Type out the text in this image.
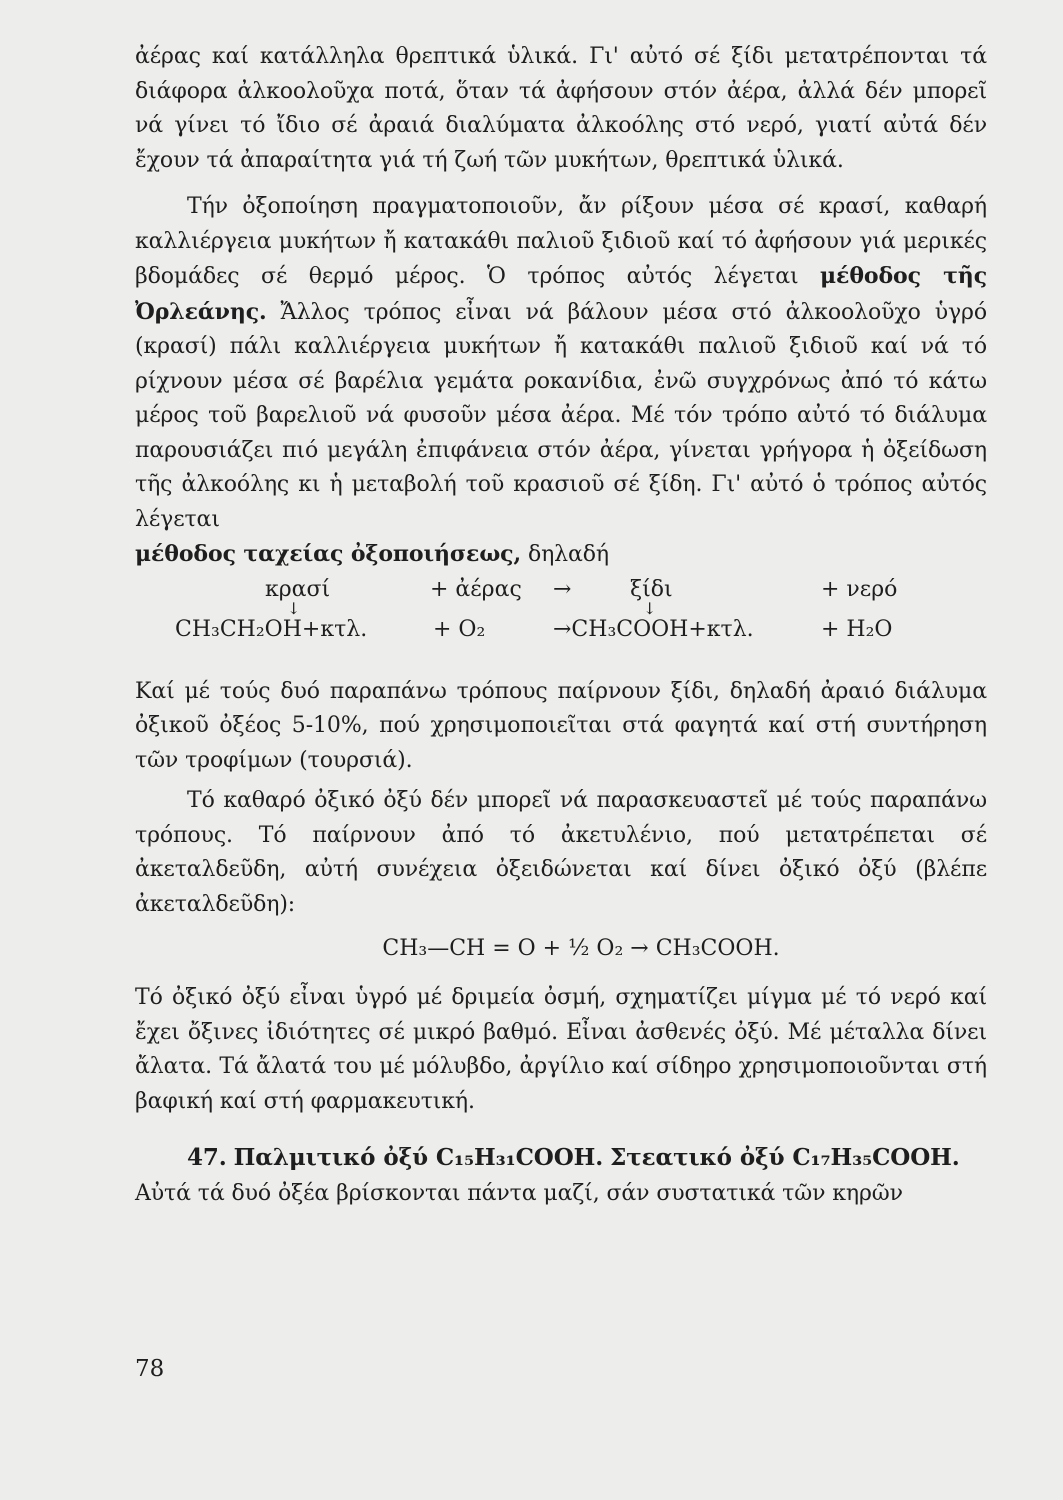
ἀέρας καί κατάλληλα θρεπτικά ὑλικά. Γι' αὐτό σέ ξίδι μετατρέπονται τά διάφορα ἀλκοολοῦχα ποτά, ὅταν τά ἀφήσουν στόν ἀέρα, ἀλλά δέν μπορεῖ νά γίνει τό ἴδιο σέ ἀραιά διαλύματα ἀλκοόλης στό νερό, γιατί αὐτά δέν ἔχουν τά ἀπαραίτητα γιά τή ζωή τῶν μυκήτων, θρεπτικά ὑλικά.

Τήν ὀξοποίηση πραγματοποιοῦν, ἄν ρίξουν μέσα σέ κρασί, καθαρή καλλιέργεια μυκήτων ἤ κατακάθι παλιοῦ ξιδιοῦ καί τό ἀφήσουν γιά μερικές βδομάδες σέ θερμό μέρος. Ὁ τρόπος αὐτός λέγεται μέθοδος τῆς Ὀρλεάνης. Ἄλλος τρόπος εἶναι νά βάλουν μέσα στό ἀλκοολοῦχο ὑγρό (κρασί) πάλι καλλιέργεια μυκήτων ἤ κατακάθι παλιοῦ ξιδιοῦ καί νά τό ρίχνουν μέσα σέ βαρέλια γεμάτα ροκανίδια, ἐνῶ συγχρόνως ἀπό τό κάτω μέρος τοῦ βαρελιοῦ νά φυσοῦν μέσα ἀέρα. Μέ τόν τρόπο αὐτό τό διάλυμα παρουσιάζει πιό μεγάλη ἐπιφάνεια στόν ἀέρα, γίνεται γρήγορα ἡ ὀξείδωση τῆς ἀλκοόλης κι ἡ μεταβολή τοῦ κρασιοῦ σέ ξίδη. Γι' αὐτό ὁ τρόπος αὐτός λέγεται
μέθοδος ταχείας ὀξοποιήσεως, δηλαδή

κρασί	+ ἀέρας →	ξίδι	+ νερό
↓	↓
CH₃CH₂OH+κτλ.	+ O₂	→CH₃COOH+κτλ.	+ H₂O

Καί μέ τούς δυό παραπάνω τρόπους παίρνουν ξίδι, δηλαδή ἀραιό διάλυμα ὀξικοῦ ὀξέος 5-10%, πού χρησιμοποιεῖται στά φαγητά καί στή συντήρηση τῶν τροφίμων (τουρσιά).

Τό καθαρό ὀξικό ὀξύ δέν μπορεῖ νά παρασκευαστεῖ μέ τούς παραπάνω τρόπους. Τό παίρνουν ἀπό τό ἀκετυλένιο, πού μετατρέπεται σέ ἀκεταλδεῦδη, αὐτή συνέχεια ὀξειδώνεται καί δίνει ὀξικό ὀξύ (βλέπε ἀκεταλδεῦδη):

CH₃—CH = O + ½ O₂ → CH₃COOH.

Τό ὀξικό ὀξύ εἶναι ὑγρό μέ δριμεία ὀσμή, σχηματίζει μίγμα μέ τό νερό καί ἔχει ὄξινες ἰδιότητες σέ μικρό βαθμό. Εἶναι ἀσθενές ὀξύ. Μέ μέταλλα δίνει ἄλατα. Τά ἄλατά του μέ μόλυβδο, ἀργίλιο καί σίδηρο χρησιμοποιοῦνται στή βαφική καί στή φαρμακευτική.

47. Παλμιτικό ὀξύ C₁₅H₃₁COOH. Στεατικό ὀξύ C₁₇H₃₅COOH.
Αὐτά τά δυό ὀξέα βρίσκονται πάντα μαζί, σάν συστατικά τῶν κηρῶν

78
